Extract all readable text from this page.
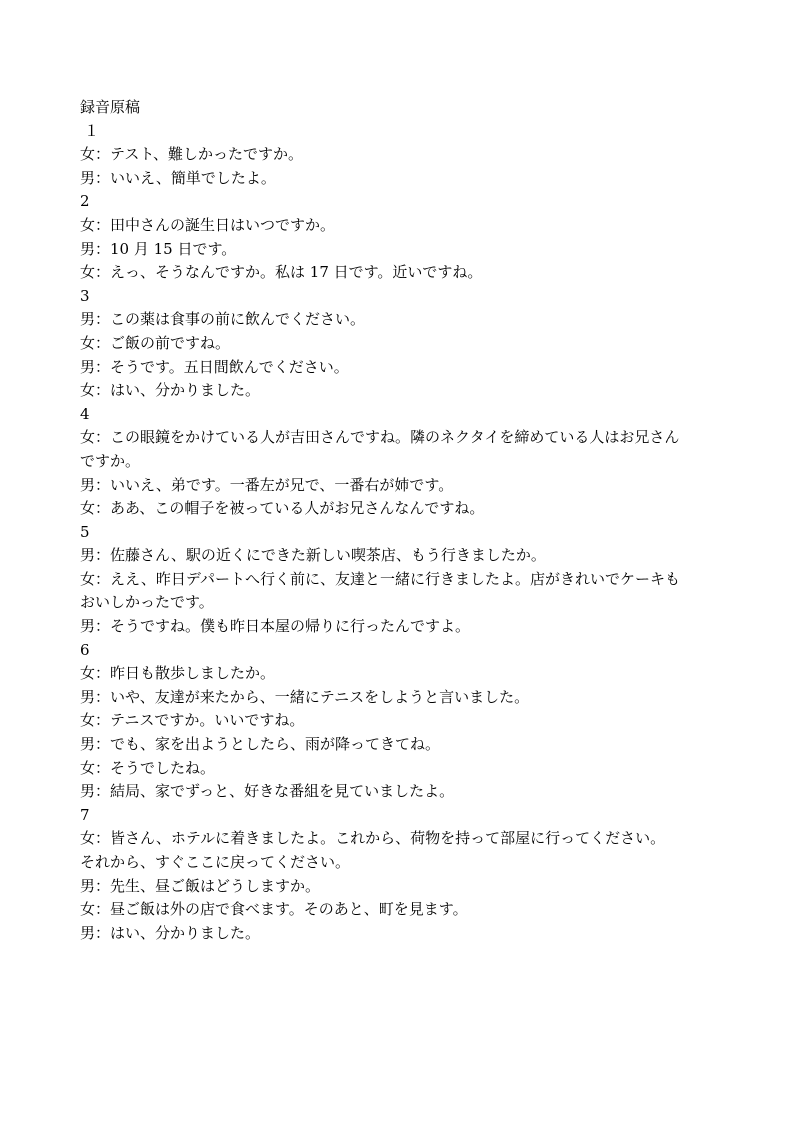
録音原稿
１
女：テスト、難しかったですか。
男：いいえ、簡単でしたよ。
2
女：田中さんの誕生日はいつですか。
男：10 月 15 日です。
女：えっ、そうなんですか。私は 17 日です。近いですね。
3
男：この薬は食事の前に飲んでください。
女：ご飯の前ですね。
男：そうです。五日間飲んでください。
女：はい、分かりました。
4
女：この眼鏡をかけている人が吉田さんですね。隣のネクタイを締めている人はお兄さんですか。
男：いいえ、弟です。一番左が兄で、一番右が姉です。
女：ああ、この帽子を被っている人がお兄さんなんですね。
5
男：佐藤さん、駅の近くにできた新しい喫茶店、もう行きましたか。
女：ええ、昨日デパートへ行く前に、友達と一緒に行きましたよ。店がきれいでケーキもおいしかったです。
男：そうですね。僕も昨日本屋の帰りに行ったんですよ。
6
女：昨日も散歩しましたか。
男：いや、友達が来たから、一緒にテニスをしようと言いました。
女：テニスですか。いいですね。
男：でも、家を出ようとしたら、雨が降ってきてね。
女：そうでしたね。
男：結局、家でずっと、好きな番組を見ていましたよ。
7
女：皆さん、ホテルに着きましたよ。これから、荷物を持って部屋に行ってください。それから、すぐここに戻ってください。
男：先生、昼ご飯はどうしますか。
女：昼ご飯は外の店で食べます。そのあと、町を見ます。
男：はい、分かりました。
